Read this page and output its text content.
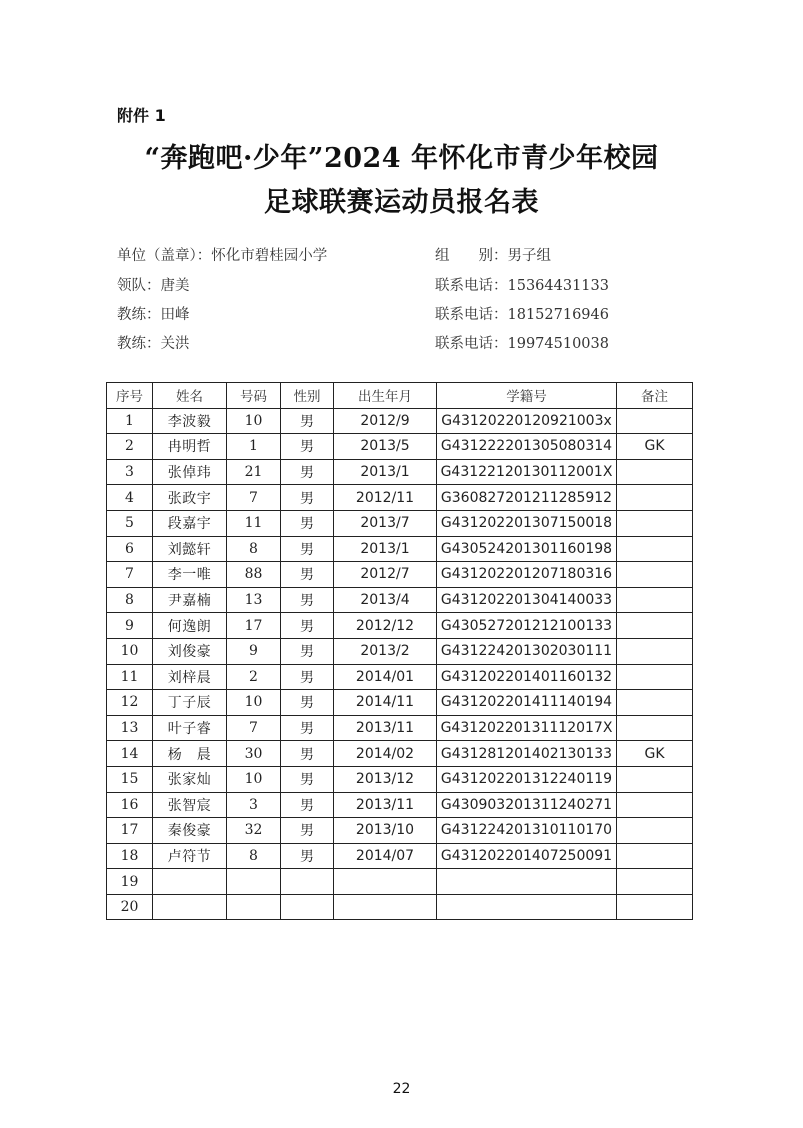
附件 1
“奔跑吧·少年”2024 年怀化市青少年校园
足球联赛运动员报名表
单位（盖章）：怀化市碧桂园小学	组　　别：男子组
领队：唐美	联系电话：15364431133
教练：田峰	联系电话：18152716946
教练：关洪	联系电话：19974510038
序号	姓名	号码	性别	出生年月	学籍号	备注
1	李波毅	10	男	2012/9	G43120220120921003x	
2	冉明哲	1	男	2013/5	G431222201305080314	GK
3	张倬玮	21	男	2013/1	G43122120130112001X	
4	张政宇	7	男	2012/11	G360827201211285912	
5	段嘉宇	11	男	2013/7	G431202201307150018	
6	刘懿轩	8	男	2013/1	G430524201301160198	
7	李一唯	88	男	2012/7	G431202201207180316	
8	尹嘉楠	13	男	2013/4	G431202201304140033	
9	何逸朗	17	男	2012/12	G430527201212100133	
10	刘俊豪	9	男	2013/2	G431224201302030111	
11	刘梓晨	2	男	2014/01	G431202201401160132	
12	丁子辰	10	男	2014/11	G431202201411140194	
13	叶子睿	7	男	2013/11	G43120220131112017X	
14	杨　晨	30	男	2014/02	G431281201402130133	GK
15	张家灿	10	男	2013/12	G431202201312240119	
16	张智宸	3	男	2013/11	G430903201311240271	
17	秦俊豪	32	男	2013/10	G431224201310110170	
18	卢符节	8	男	2014/07	G431202201407250091	
19						
20						
22
